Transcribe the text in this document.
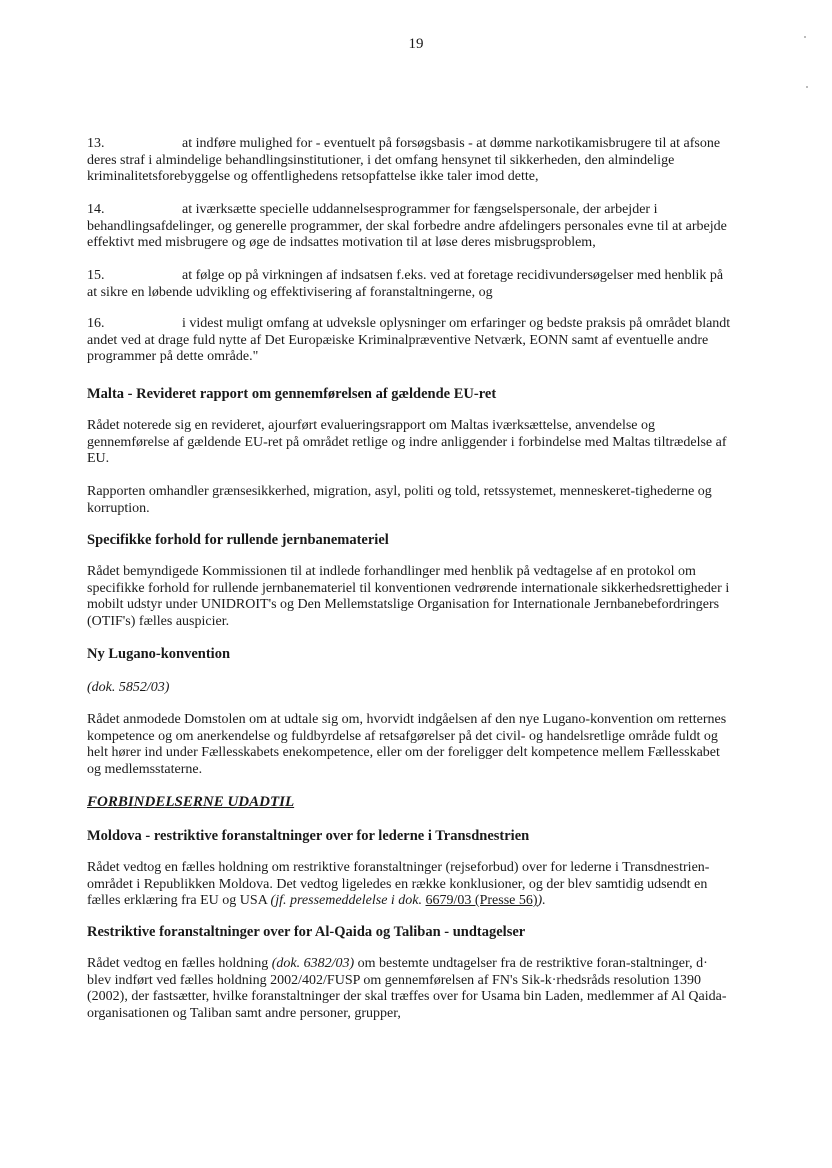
19
13.	at indføre mulighed for - eventuelt på forsøgsbasis - at dømme narkotikamisbrugere til at afsone deres straf i almindelige behandlingsinstitutioner, i det omfang hensynet til sikkerheden, den almindelige kriminalitetsforebyggelse og offentlighedens retsopfattelse ikke taler imod dette,
14.	at iværksætte specielle uddannelsesprogrammer for fængselspersonale, der arbejder i behandlingsafdelinger, og generelle programmer, der skal forbedre andre afdelingers personales evne til at arbejde effektivt med misbrugere og øge de indsattes motivation til at løse deres misbrugsproblem,
15.	at følge op på virkningen af indsatsen f.eks. ved at foretage recidivundersøgelser med henblik på at sikre en løbende udvikling og effektivisering af foranstaltningerne, og
16.	i videst muligt omfang at udveksle oplysninger om erfaringer og bedste praksis på området blandt andet ved at drage fuld nytte af Det Europæiske Kriminalpræventive Netværk, EONN samt af eventuelle andre programmer på dette område."
Malta - Revideret rapport om gennemførelsen af gældende EU-ret
Rådet noterede sig en revideret, ajourført evalueringsrapport om Maltas iværksættelse, anvendelse og gennemførelse af gældende EU-ret på området retlige og indre anliggender i forbindelse med Maltas tiltrædelse af EU.
Rapporten omhandler grænsesikkerhed, migration, asyl, politi og told, retssystemet, menneskeret-tighederne og korruption.
Specifikke forhold for rullende jernbanemateriel
Rådet bemyndigede Kommissionen til at indlede forhandlinger med henblik på vedtagelse af en protokol om specifikke forhold for rullende jernbanemateriel til konventionen vedrørende internationale sikkerhedsrettigheder i mobilt udstyr under UNIDROIT's og Den Mellemstatslige Organisation for Internationale Jernbanebefordringers (OTIF's) fælles auspicier.
Ny Lugano-konvention
(dok. 5852/03)
Rådet anmodede Domstolen om at udtale sig om, hvorvidt indgåelsen af den nye Lugano-konvention om retternes kompetence og om anerkendelse og fuldbyrdelse af retsafgørelser på det civil- og handelsretlige område fuldt og helt hører ind under Fællesskabets enekompetence, eller om der foreligger delt kompetence mellem Fællesskabet og medlemsstaterne.
FORBINDELSERNE UDADTIL
Moldova - restriktive foranstaltninger over for lederne i Transdnestrien
Rådet vedtog en fælles holdning om restriktive foranstaltninger (rejseforbud) over for lederne i Transdnestrien-området i Republikken Moldova. Det vedtog ligeledes en række konklusioner, og der blev samtidig udsendt en fælles erklæring fra EU og USA (jf. pressemeddelelse i dok. 6679/03 (Presse 56)).
Restriktive foranstaltninger over for Al-Qaida og Taliban - undtagelser
Rådet vedtog en fælles holdning (dok. 6382/03) om bestemte undtagelser fra de restriktive foran-staltninger, d· blev indført ved fælles holdning 2002/402/FUSP om gennemførelsen af FN's Sik-k·rhedsråds resolution 1390 (2002), der fastsætter, hvilke foranstaltninger der skal træffes over for Usama bin Laden, medlemmer af Al Qaida-organisationen og Taliban samt andre personer, grupper,
